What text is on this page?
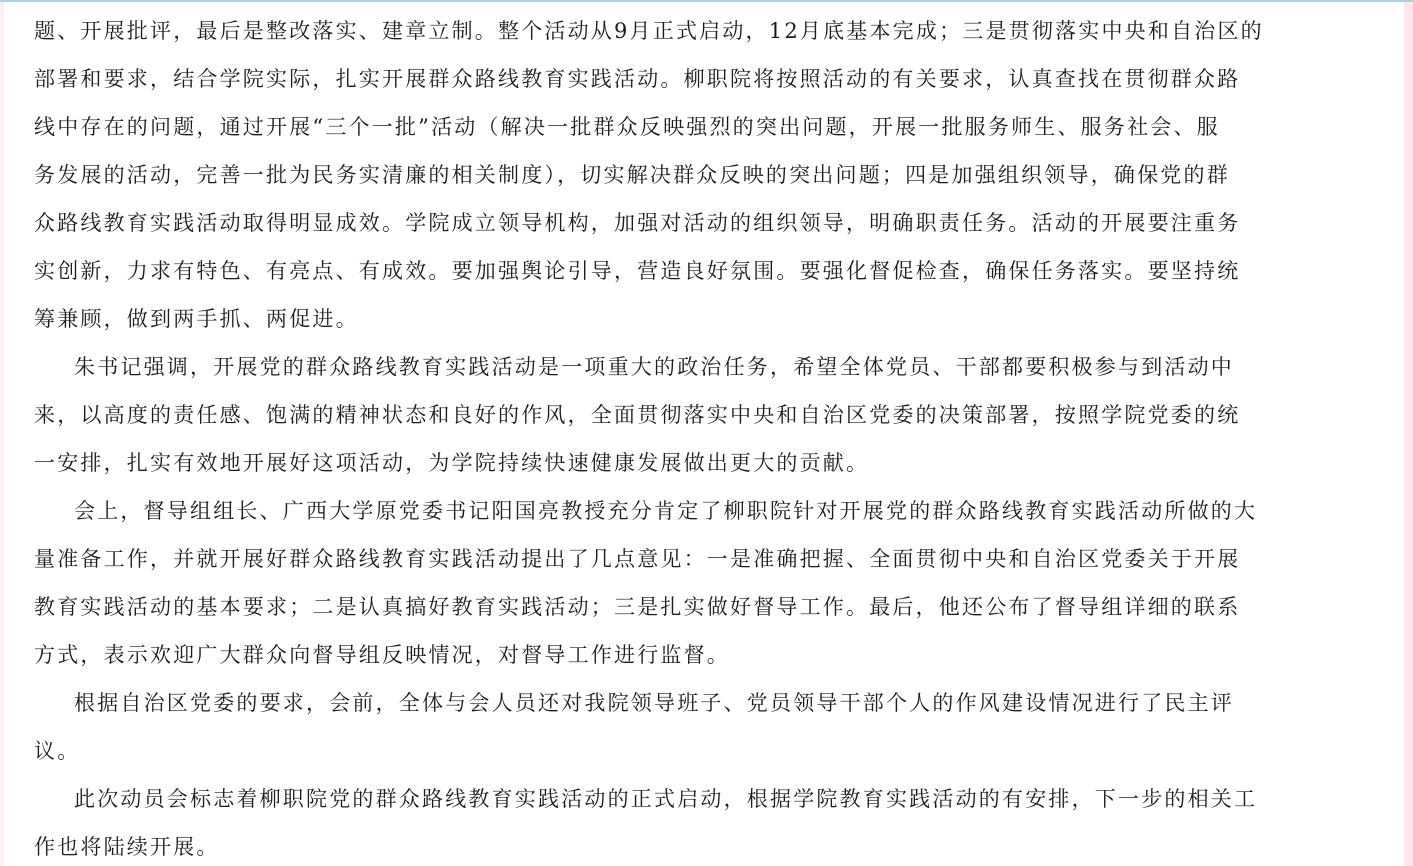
题、开展批评，最后是整改落实、建章立制。整个活动从9月正式启动，12月底基本完成；三是贯彻落实中央和自治区的
部署和要求，结合学院实际，扎实开展群众路线教育实践活动。柳职院将按照活动的有关要求，认真查找在贯彻群众路
线中存在的问题，通过开展“三个一批”活动（解决一批群众反映强烈的突出问题，开展一批服务师生、服务社会、服
务发展的活动，完善一批为民务实清廉的相关制度），切实解决群众反映的突出问题；四是加强组织领导，确保党的群
众路线教育实践活动取得明显成效。学院成立领导机构，加强对活动的组织领导，明确职责任务。活动的开展要注重务
实创新，力求有特色、有亮点、有成效。要加强舆论引导，营造良好氛围。要强化督促检查，确保任务落实。要坚持统
筹兼顾，做到两手抓、两促进。
朱书记强调，开展党的群众路线教育实践活动是一项重大的政治任务，希望全体党员、干部都要积极参与到活动中
来，以高度的责任感、饱满的精神状态和良好的作风，全面贯彻落实中央和自治区党委的决策部署，按照学院党委的统
一安排，扎实有效地开展好这项活动，为学院持续快速健康发展做出更大的贡献。
会上，督导组组长、广西大学原党委书记阳国亮教授充分肯定了柳职院针对开展党的群众路线教育实践活动所做的大
量准备工作，并就开展好群众路线教育实践活动提出了几点意见：一是准确把握、全面贯彻中央和自治区党委关于开展
教育实践活动的基本要求；二是认真搞好教育实践活动；三是扎实做好督导工作。最后，他还公布了督导组详细的联系
方式，表示欢迎广大群众向督导组反映情况，对督导工作进行监督。
根据自治区党委的要求，会前，全体与会人员还对我院领导班子、党员领导干部个人的作风建设情况进行了民主评
议。
此次动员会标志着柳职院党的群众路线教育实践活动的正式启动，根据学院教育实践活动的有安排，下一步的相关工
作也将陆续开展。
